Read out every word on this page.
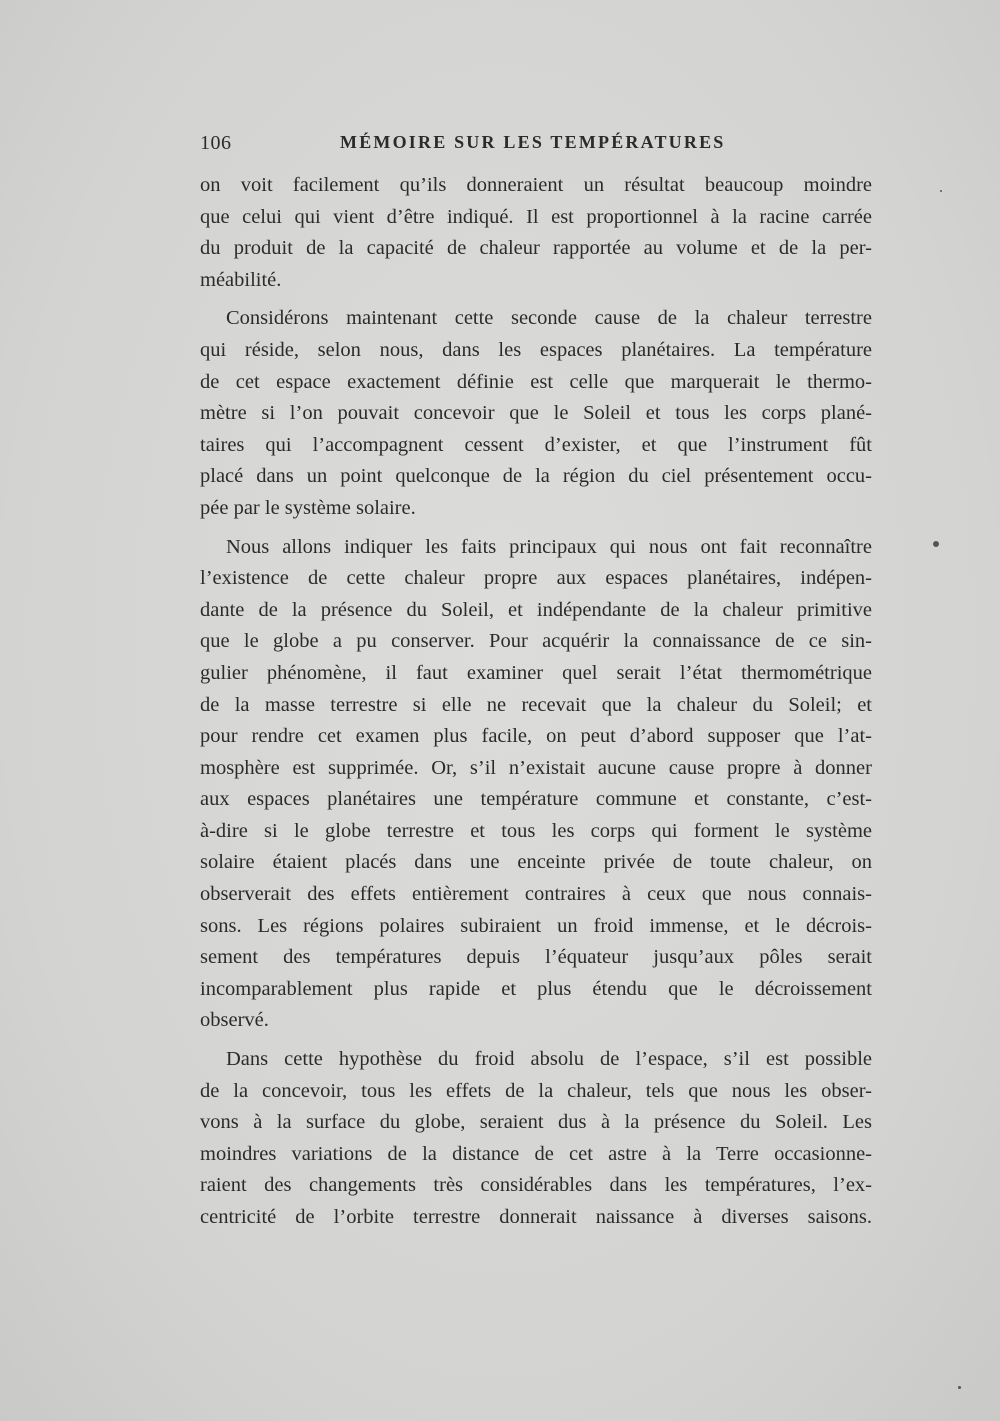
106	MÉMOIRE SUR LES TEMPÉRATURES
on voit facilement qu’ils donneraient un résultat beaucoup moindre
que celui qui vient d’être indiqué. Il est proportionnel à la racine carrée
du produit de la capacité de chaleur rapportée au volume et de la per-
méabilité.
Considérons maintenant cette seconde cause de la chaleur terrestre
qui réside, selon nous, dans les espaces planétaires. La température
de cet espace exactement définie est celle que marquerait le thermo-
mètre si l’on pouvait concevoir que le Soleil et tous les corps plané-
taires qui l’accompagnent cessent d’exister, et que l’instrument fût
placé dans un point quelconque de la région du ciel présentement occu-
pée par le système solaire.
Nous allons indiquer les faits principaux qui nous ont fait reconnaître
l’existence de cette chaleur propre aux espaces planétaires, indépen-
dante de la présence du Soleil, et indépendante de la chaleur primitive
que le globe a pu conserver. Pour acquérir la connaissance de ce sin-
gulier phénomène, il faut examiner quel serait l’état thermométrique
de la masse terrestre si elle ne recevait que la chaleur du Soleil; et
pour rendre cet examen plus facile, on peut d’abord supposer que l’at-
mosphère est supprimée. Or, s’il n’existait aucune cause propre à donner
aux espaces planétaires une température commune et constante, c’est-
à-dire si le globe terrestre et tous les corps qui forment le système
solaire étaient placés dans une enceinte privée de toute chaleur, on
observerait des effets entièrement contraires à ceux que nous connais-
sons. Les régions polaires subiraient un froid immense, et le décrois-
sement des températures depuis l’équateur jusqu’aux pôles serait
incomparablement plus rapide et plus étendu que le décroissement
observé.
Dans cette hypothèse du froid absolu de l’espace, s’il est possible
de la concevoir, tous les effets de la chaleur, tels que nous les obser-
vons à la surface du globe, seraient dus à la présence du Soleil. Les
moindres variations de la distance de cet astre à la Terre occasionne-
raient des changements très considérables dans les températures, l’ex-
centricité de l’orbite terrestre donnerait naissance à diverses saisons.
